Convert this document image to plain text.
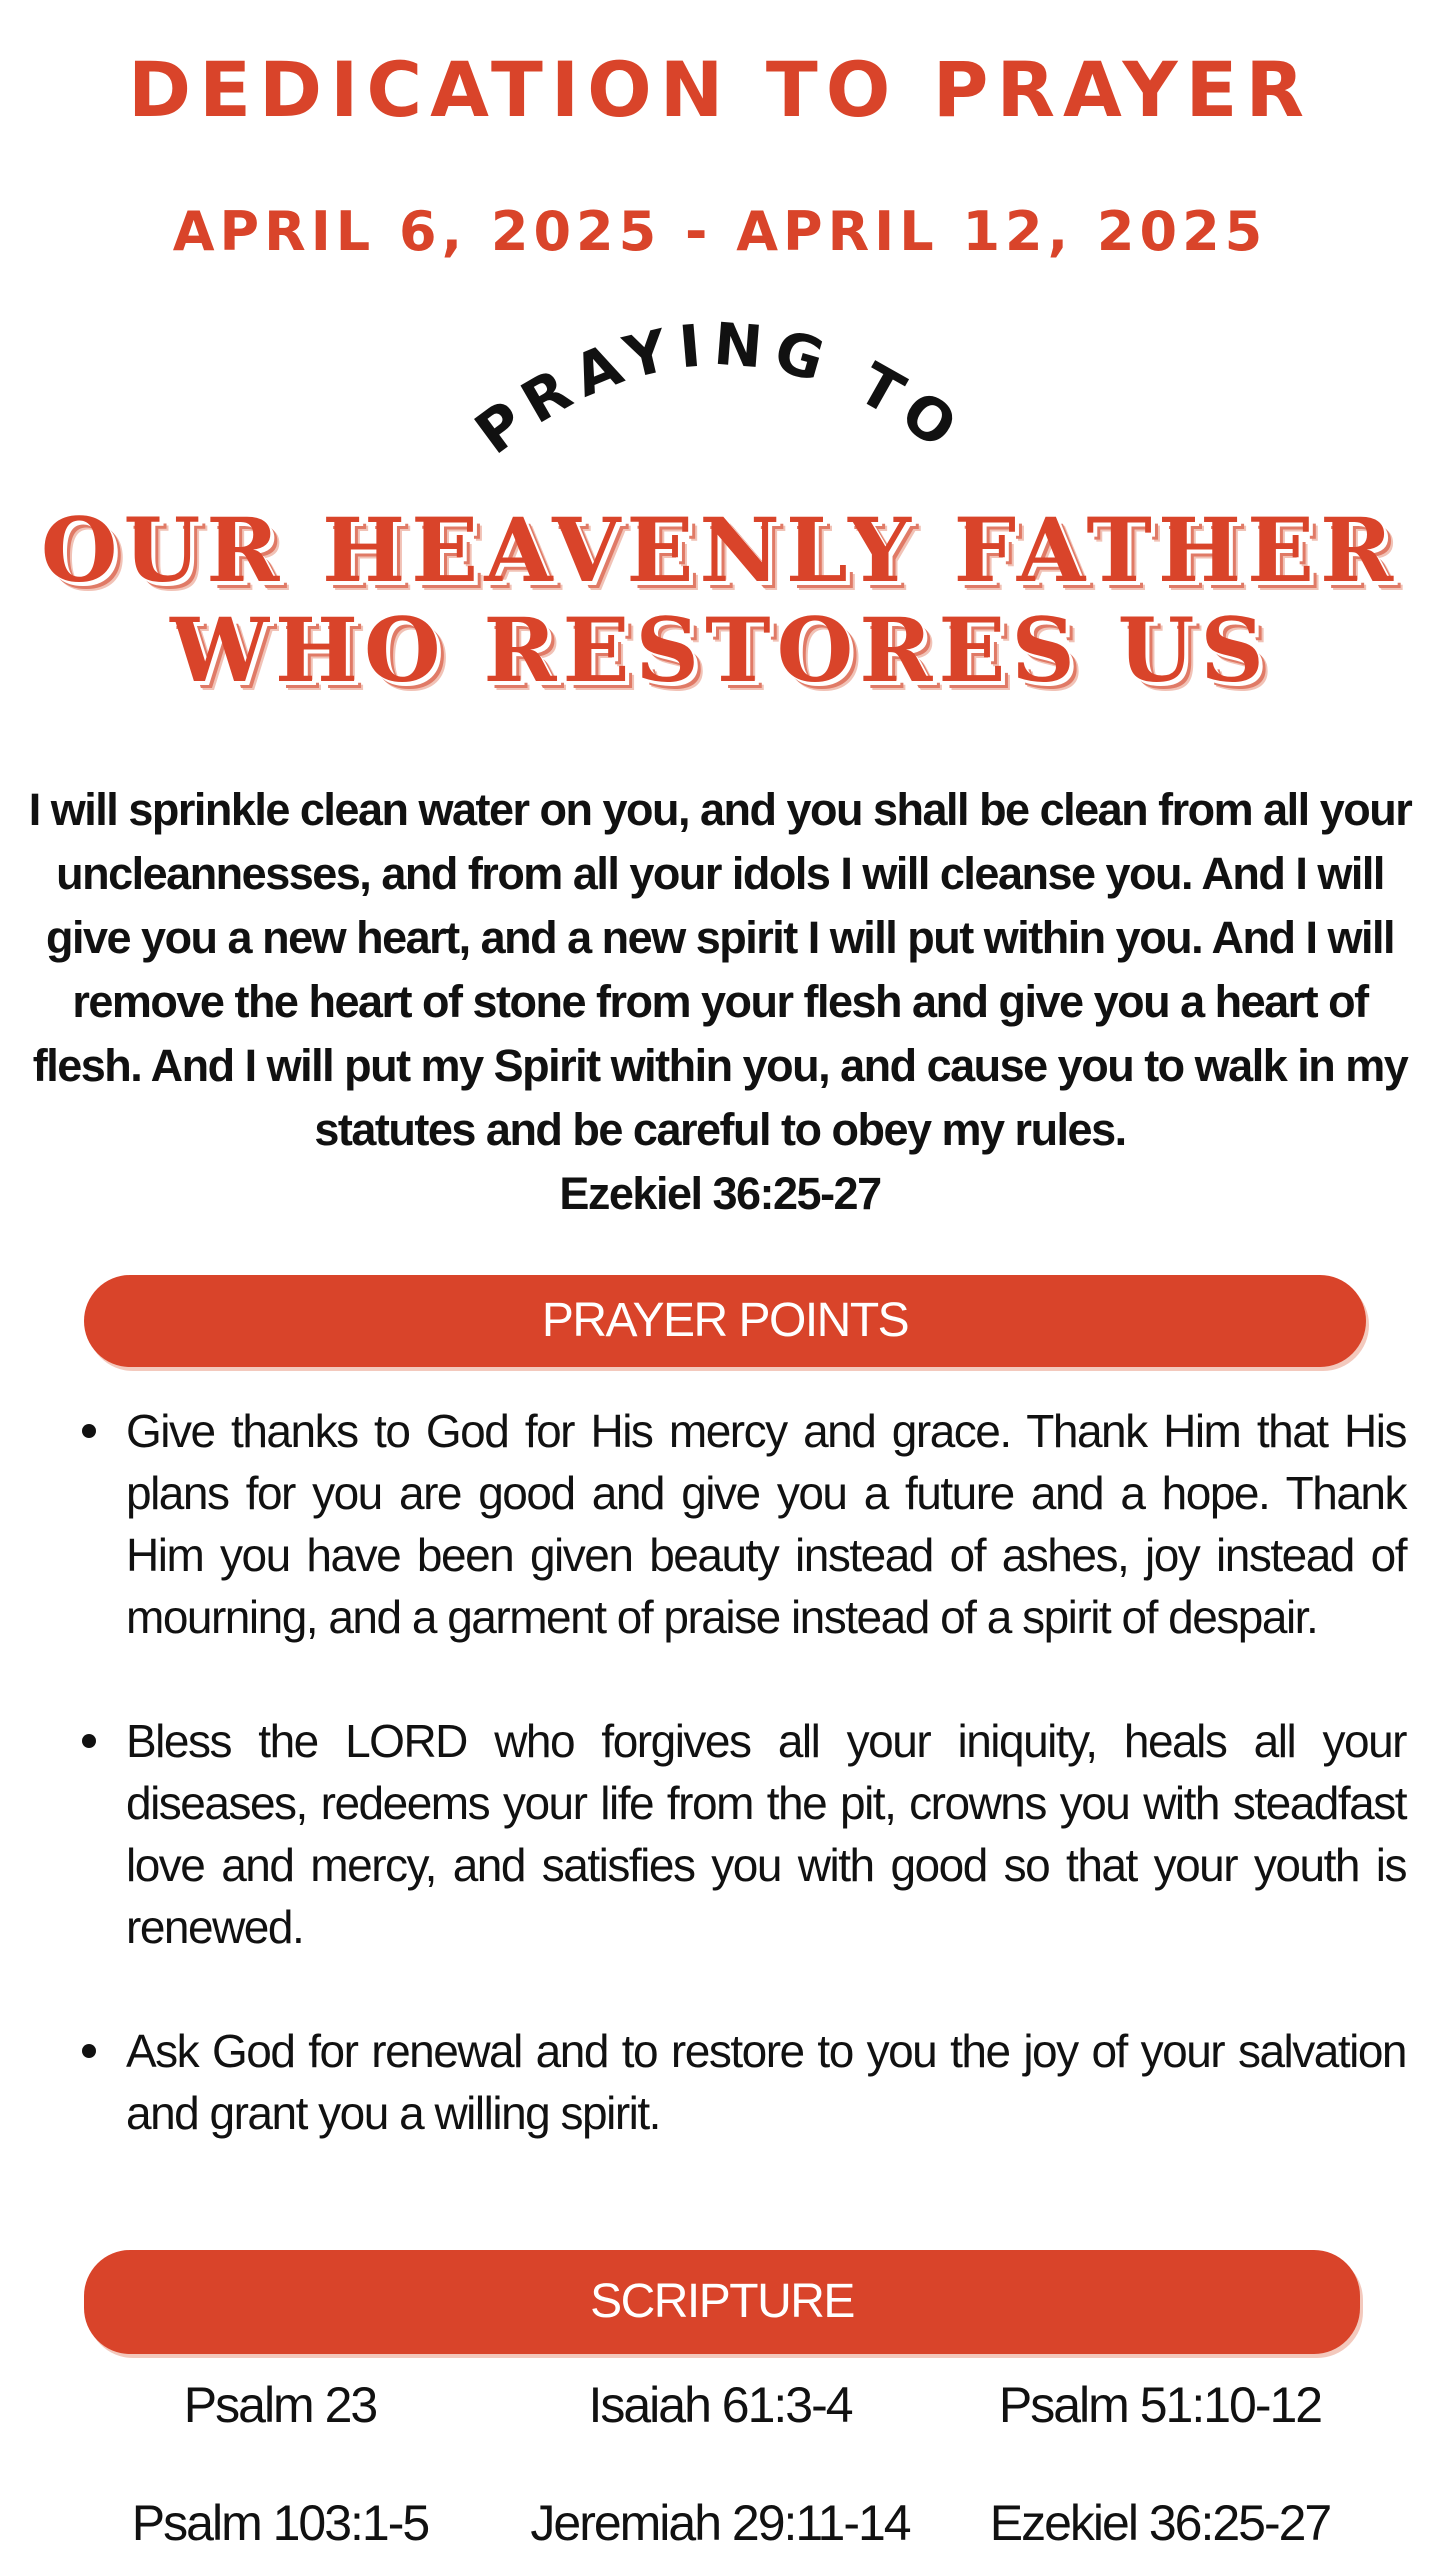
DEDICATION TO PRAYER
APRIL 6, 2025 - APRIL 12, 2025
PRAYING TO
OUR HEAVENLY FATHER
WHO RESTORES US
I will sprinkle clean water on you, and you shall be clean from all your uncleannesses, and from all your idols I will cleanse you. And I will give you a new heart, and a new spirit I will put within you. And I will remove the heart of stone from your flesh and give you a heart of flesh. And I will put my Spirit within you, and cause you to walk in my statutes and be careful to obey my rules.
Ezekiel 36:25-27
PRAYER POINTS
Give thanks to God for His mercy and grace. Thank Him that His plans for you are good and give you a future and a hope. Thank Him you have been given beauty instead of ashes, joy instead of mourning, and a garment of praise instead of a spirit of despair.
Bless the LORD who forgives all your iniquity, heals all your diseases, redeems your life from the pit, crowns you with steadfast love and mercy, and satisfies you with good so that your youth is renewed.
Ask God for renewal and to restore to you the joy of your salvation and grant you a willing spirit.
SCRIPTURE
Psalm 23	Isaiah 61:3-4	Psalm 51:10-12
Psalm 103:1-5	Jeremiah 29:11-14	Ezekiel 36:25-27
